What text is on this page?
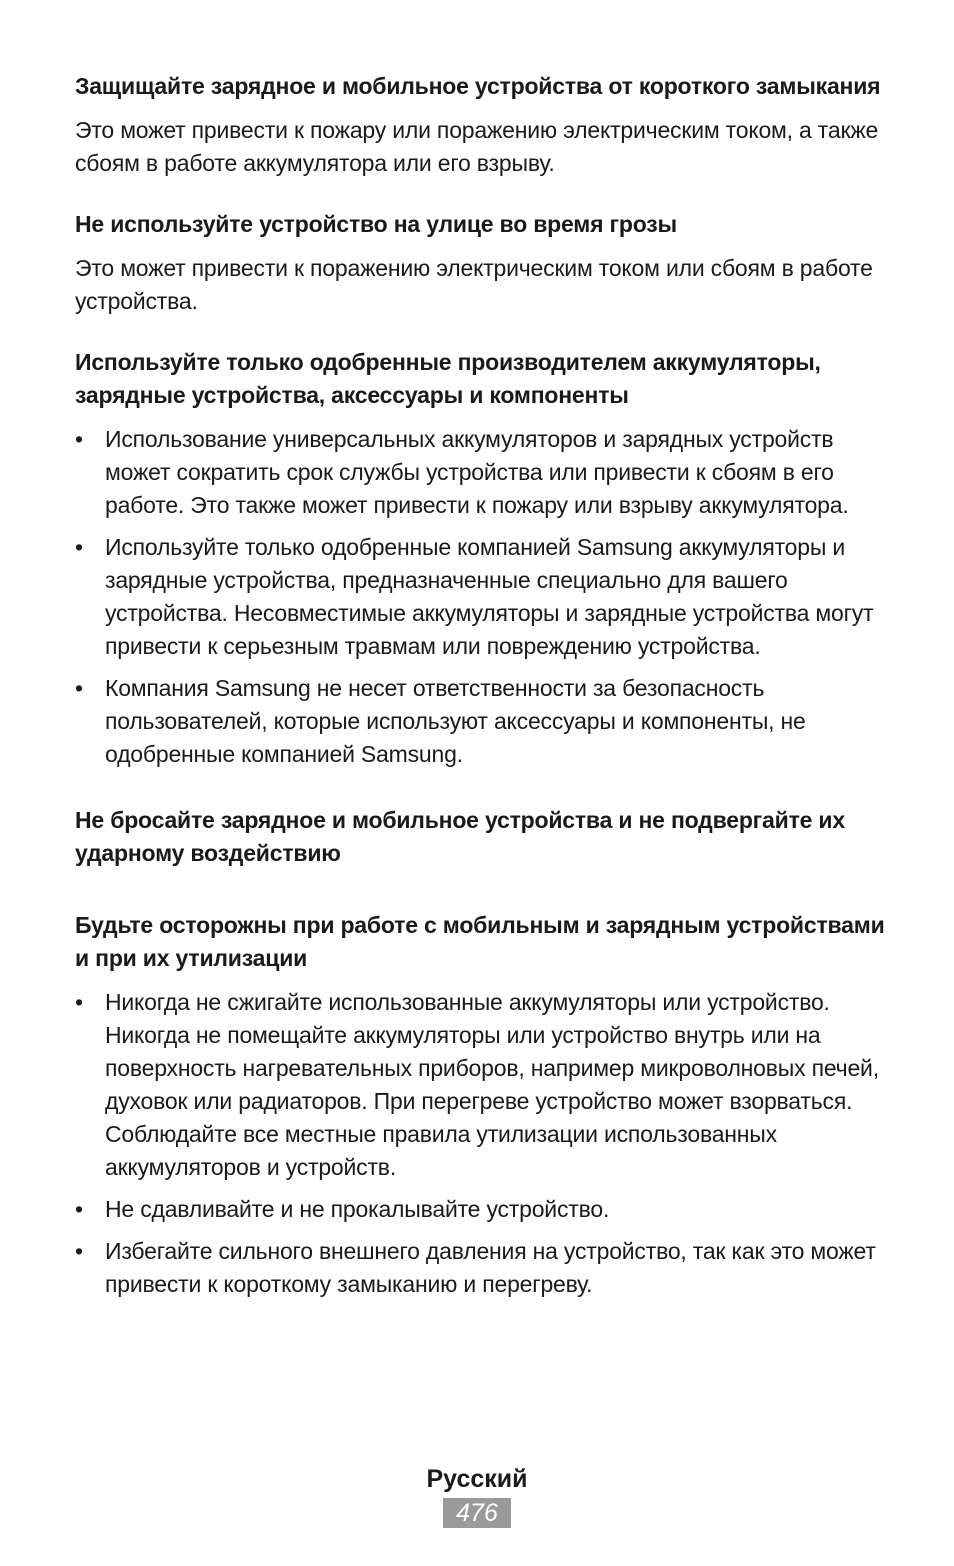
Защищайте зарядное и мобильное устройства от короткого замыкания

Это может привести к пожару или поражению электрическим током, а также сбоям в работе аккумулятора или его взрыву.

Не используйте устройство на улице во время грозы

Это может привести к поражению электрическим током или сбоям в работе устройства.

Используйте только одобренные производителем аккумуляторы, зарядные устройства, аксессуары и компоненты
• Использование универсальных аккумуляторов и зарядных устройств может сократить срок службы устройства или привести к сбоям в его работе. Это также может привести к пожару или взрыву аккумулятора.
• Используйте только одобренные компанией Samsung аккумуляторы и зарядные устройства, предназначенные специально для вашего устройства. Несовместимые аккумуляторы и зарядные устройства могут привести к серьезным травмам или повреждению устройства.
• Компания Samsung не несет ответственности за безопасность пользователей, которые используют аксессуары и компоненты, не одобренные компанией Samsung.
Не бросайте зарядное и мобильное устройства и не подвергайте их ударному воздействию
Будьте осторожны при работе с мобильным и зарядным устройствами и при их утилизации
• Никогда не сжигайте использованные аккумуляторы или устройство. Никогда не помещайте аккумуляторы или устройство внутрь или на поверхность нагревательных приборов, например микроволновых печей, духовок или радиаторов. При перегреве устройство может взорваться. Соблюдайте все местные правила утилизации использованных аккумуляторов и устройств.
• Не сдавливайте и не прокалывайте устройство.
• Избегайте сильного внешнего давления на устройство, так как это может привести к короткому замыканию и перегреву.
Русский
476
